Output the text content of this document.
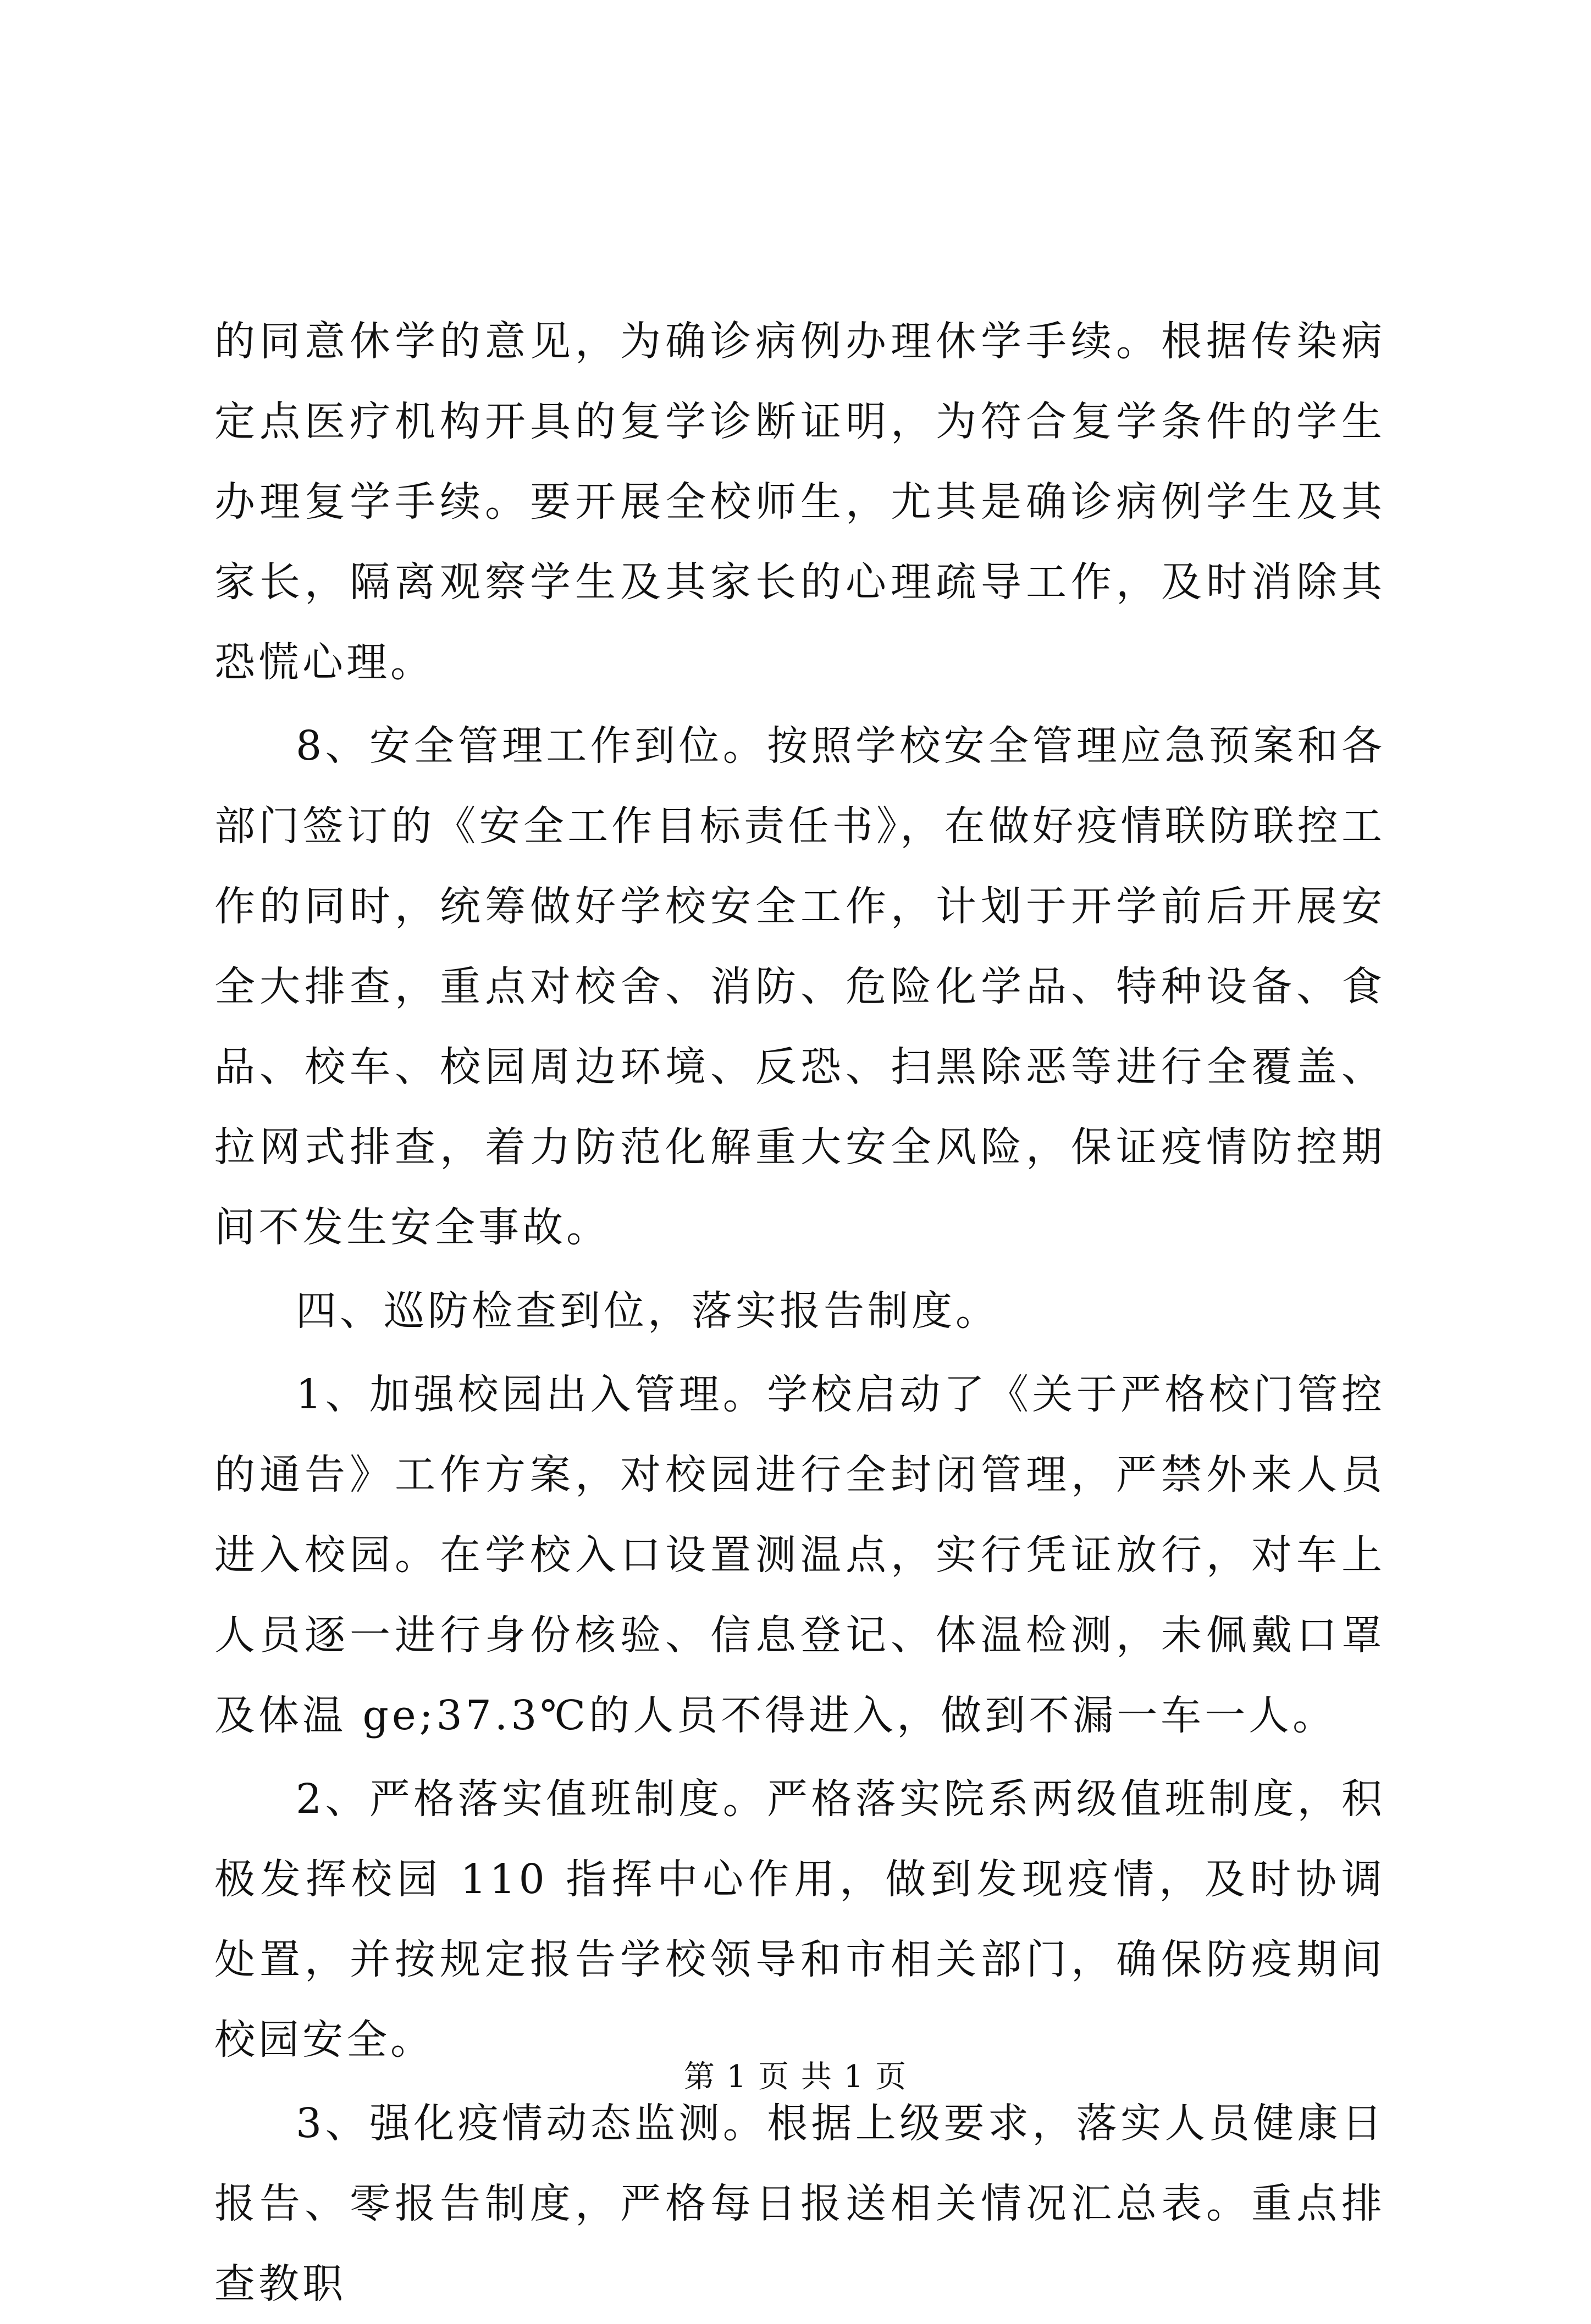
的同意休学的意见，为确诊病例办理休学手续。根据传染病定点医疗机构开具的复学诊断证明，为符合复学条件的学生办理复学手续。要开展全校师生，尤其是确诊病例学生及其家长，隔离观察学生及其家长的心理疏导工作，及时消除其恐慌心理。

8、安全管理工作到位。按照学校安全管理应急预案和各部门签订的《安全工作目标责任书》，在做好疫情联防联控工作的同时，统筹做好学校安全工作，计划于开学前后开展安全大排查，重点对校舍、消防、危险化学品、特种设备、食品、校车、校园周边环境、反恐、扫黑除恶等进行全覆盖、拉网式排查，着力防范化解重大安全风险，保证疫情防控期间不发生安全事故。

四、巡防检查到位，落实报告制度。

1、加强校园出入管理。学校启动了《关于严格校门管控的通告》工作方案，对校园进行全封闭管理，严禁外来人员进入校园。在学校入口设置测温点，实行凭证放行，对车上人员逐一进行身份核验、信息登记、体温检测，未佩戴口罩及体温 ge;37.3℃的人员不得进入，做到不漏一车一人。

2、严格落实值班制度。严格落实院系两级值班制度，积极发挥校园 110 指挥中心作用，做到发现疫情，及时协调处置，并按规定报告学校领导和市相关部门，确保防疫期间校园安全。

3、强化疫情动态监测。根据上级要求，落实人员健康日报告、零报告制度，严格每日报送相关情况汇总表。重点排查教职

第 1 页 共 1 页
